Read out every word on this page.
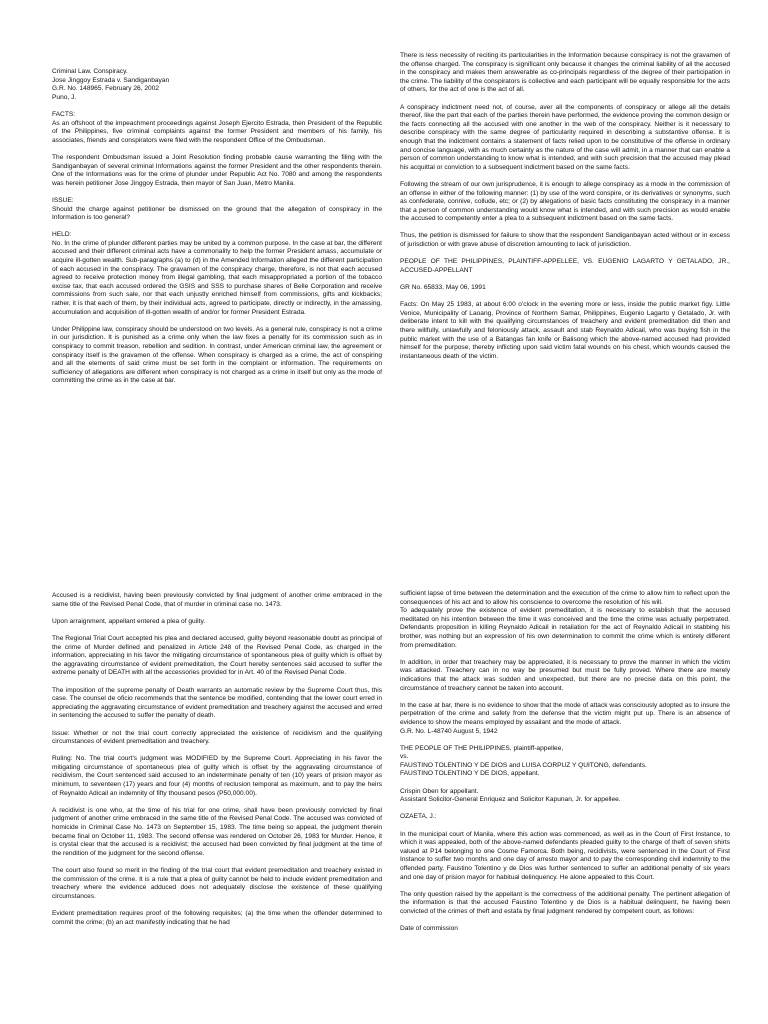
Criminal Law. Conspiracy.
Jose Jinggoy Estrada v. Sandiganbayan
G.R. No. 148965. February 26, 2002
Puno, J.

FACTS:
As an offshoot of the impeachment proceedings against Joseph Ejercito Estrada, then President of the Republic of the Philippines, five criminal complaints against the former President and members of his family, his associates, friends and conspirators were filed with the respondent Office of the Ombudsman.

The respondent Ombudsman issued a Joint Resolution finding probable cause warranting the filing with the Sandiganbayan of several criminal Informations against the former President and the other respondents therein. One of the Informations was for the crime of plunder under Republic Act No. 7080 and among the respondents was herein petitioner Jose Jinggoy Estrada, then mayor of San Juan, Metro Manila.

ISSUE:
Should the charge against petitioner be dismissed on the ground that the allegation of conspiracy in the Information is too general?

HELD:
No. In the crime of plunder different parties may be united by a common purpose. In the case at bar, the different accused and their different criminal acts have a commonality to help the former President amass, accumulate or acquire ill-gotten wealth. Sub-paragraphs (a) to (d) in the Amended Information alleged the different participation of each accused in the conspiracy. The gravamen of the conspiracy charge, therefore, is not that each accused agreed to receive protection money from illegal gambling, that each misappropriated a portion of the tobacco excise tax, that each accused ordered the GSIS and SSS to purchase shares of Belle Corporation and receive commissions from such sale, nor that each unjustly enriched himself from commissions, gifts and kickbacks; rather, it is that each of them, by their individual acts, agreed to participate, directly or indirectly, in the amassing, accumulation and acquisition of ill-gotten wealth of and/or for former President Estrada.

Under Philippine law, conspiracy should be understood on two levels. As a general rule, conspiracy is not a crime in our jurisdiction. It is punished as a crime only when the law fixes a penalty for its commission such as in conspiracy to commit treason, rebellion and sedition. In contrast, under American criminal law, the agreement or conspiracy itself is the gravamen of the offense. When conspiracy is charged as a crime, the act of conspiring and all the elements of said crime must be set forth in the complaint or information. The requirements on sufficiency of allegations are different when conspiracy is not charged as a crime in itself but only as the mode of committing the crime as in the case at bar.

There is less necessity of reciting its particularities in the Information because conspiracy is not the gravamen of the offense charged. The conspiracy is significant only because it changes the criminal liability of all the accused in the conspiracy and makes them answerable as co-principals regardless of the degree of their participation in the crime. The liability of the conspirators is collective and each participant will be equally responsible for the acts of others, for the act of one is the act of all.

A conspiracy indictment need not, of course, aver all the components of conspiracy or allege all the details thereof, like the part that each of the parties therein have performed, the evidence proving the common design or the facts connecting all the accused with one another in the web of the conspiracy. Neither is it necessary to describe conspiracy with the same degree of particularity required in describing a substantive offense. It is enough that the indictment contains a statement of facts relied upon to be constitutive of the offense in ordinary and concise language, with as much certainty as the nature of the case will admit, in a manner that can enable a person of common understanding to know what is intended, and with such precision that the accused may plead his acquittal or conviction to a subsequent indictment based on the same facts.

Following the stream of our own jurisprudence, it is enough to allege conspiracy as a mode in the commission of an offense in either of the following manner: (1) by use of the word conspire, or its derivatives or synonyms, such as confederate, connive, collude, etc; or (2) by allegations of basic facts constituting the conspiracy in a manner that a person of common understanding would know what is intended, and with such precision as would enable the accused to competently enter a plea to a subsequent indictment based on the same facts.

Thus, the petition is dismissed for failure to show that the respondent Sandiganbayan acted without or in excess of jurisdiction or with grave abuse of discretion amounting to lack of jurisdiction.

PEOPLE OF THE PHILIPPINES, PLAINTIFF-APPELLEE, VS. EUGENIO LAGARTO Y GETALADO, JR., ACCUSED-APPELLANT

GR No. 65833, May 06, 1991

Facts: On May 25 1983, at about 6:00 o'clock in the evening more or less, inside the public market figy. Little Venice, Municipality of Laoang, Province of Northern Samar, Philippines, Eugenio Lagarto y Getalado, Jr. with deliberate intent to kill with the qualifying circumstances of treachery and evident premeditation did then and there willfully, unlawfully and feloniously attack, assault and stab Reynaldo Adicail, who was buying fish in the public market with the use of a Batangas fan knife or Balisong which the above-named accused had provided himself for the purpose, thereby inflicting upon said victim fatal wounds on his chest, which wounds caused the instantaneous death of the victim.

Accused is a recidivist, having been previously convicted by final judgment of another crime embraced in the same title of the Revised Penal Code, that of murder in criminal case no. 1473.

Upon arraignment, appellant entered a plea of guilty.

The Regional Trial Court accepted his plea and declared accused, guilty beyond reasonable doubt as principal of the crime of Murder defined and penalized in Article 248 of the Revised Penal Code, as charged in the information, appreciating in his favor the mitigating circumstance of spontaneous plea of guilty which is offset by the aggravating circumstance of evident premeditation, the Court hereby sentences said accused to suffer the extreme penalty of DEATH with all the accessories provided for in Art. 40 of the Revised Penal Code.

The imposition of the supreme penalty of Death warrants an automatic review by the Supreme Court thus, this case. The counsel de oficio recommends that the sentence be modified, contending that the lower court erred in appreciating the aggravating circumstance of evident premeditation and treachery against the accused and erred in sentencing the accused to suffer the penalty of death.

Issue: Whether or not the trial court correctly appreciated the existence of recidivism and the qualifying circumstances of evident premeditation and treachery.

Ruling: No. The trial court's judgment was MODIFIED by the Supreme Court. Appreciating in his favor the mitigating circumstance of spontaneous plea of guilty which is offset by the aggravating circumstance of recidivism, the Court sentenced said accused to an indeterminate penalty of ten (10) years of prision mayor as minimum, to seventeen (17) years and four (4) months of reclusion temporal as maximum, and to pay the heirs of Reynaldo Adicail an indemnity of fifty thousand pesos (P50,000.00).

A recidivist is one who, at the time of his trial for one crime, shall have been previously convicted by final judgment of another crime embraced in the same title of the Revised Penal Code. The accused was convicted of homicide in Criminal Case No. 1473 on September 15, 1983. The time being so appeal, the judgment therein became final on October 11, 1983. The second offense was rendered on October 26, 1983 for Murder. Hence, it is crystal clear that the accused is a recidivist; the accused had been convicted by final judgment at the time of the rendition of the judgment for the second offense.

The court also found so merit in the finding of the trial court that evident premeditation and treachery existed in the commission of the crime. It is a rule that a plea of guilty cannot be held to include evident premeditation and treachery where the evidence adduced does not adequately disclose the existence of these qualifying circumstances.

Evident premeditation requires proof of the following requisites; (a) the time when the offender determined to commit the crime; (b) an act manifestly indicating that he had

sufficient lapse of time between the determination and the execution of the crime to allow him to reflect upon the consequences of his act and to allow his conscience to overcome the resolution of his will.
To adequately prove the existence of evident premeditation, it is necessary to establish that the accused meditated on his intention between the time it was conceived and the time the crime was actually perpetrated. Defendants proposition in killing Reynaldo Adicail in retaliation for the act of Reynaldo Adicail in stabbing his brother, was nothing but an expression of his own determination to commit the crime which is entirely different from premeditation.

In addition, in order that treachery may be appreciated, it is necessary to prove the manner in which the victim was attacked. Treachery can in no way be presumed but must be fully proved. Where there are merely indications that the attack was sudden and unexpected, but there are no precise data on this point, the circumstance of treachery cannot be taken into account.

In the case at bar, there is no evidence to show that the mode of attack was consciously adopted as to insure the perpetration of the crime and safety from the defense that the victim might put up. There is an absence of evidence to show the means employed by assailant and the mode of attack.
G.R. No. L-48740 August 5, 1942

THE PEOPLE OF THE PHILIPPINES, plaintiff-appellee,
vs.
FAUSTINO TOLENTINO Y DE DIOS and LUISA CORPUZ Y QUITONG, defendants.
FAUSTINO TOLENTINO Y DE DIOS, appellant.

Crispin Oben for appellant.
Assistant Solicitor-General Enriquez and Solicitor Kapunan, Jr. for appellee.

OZAETA, J.:

In the municipal court of Manila, where this action was commenced, as well as in the Court of First Instance, to which it was appealed, both of the above-named defendants pleaded guilty to the charge of theft of seven shirts valued at P14 belonging to one Cosme Famorca. Both being, recidivists, were sentenced in the Court of First Instance to suffer two months and one day of arresto mayor and to pay the corresponding civil indemnity to the offended party. Faustino Tolentino y de Dios was further sentenced to suffer an additional penalty of six years and one day of prision mayor for habitual delinquency. He alone appealed to this Court.

The only question raised by the appellant is the correctness of the additional penalty. The pertinent allegation of the information is that the accused Faustino Tolentino y de Dios is a habitual delinquent, he having been convicted of the crimes of theft and estafa by final judgment rendered by competent court, as follows:

Date of commission
